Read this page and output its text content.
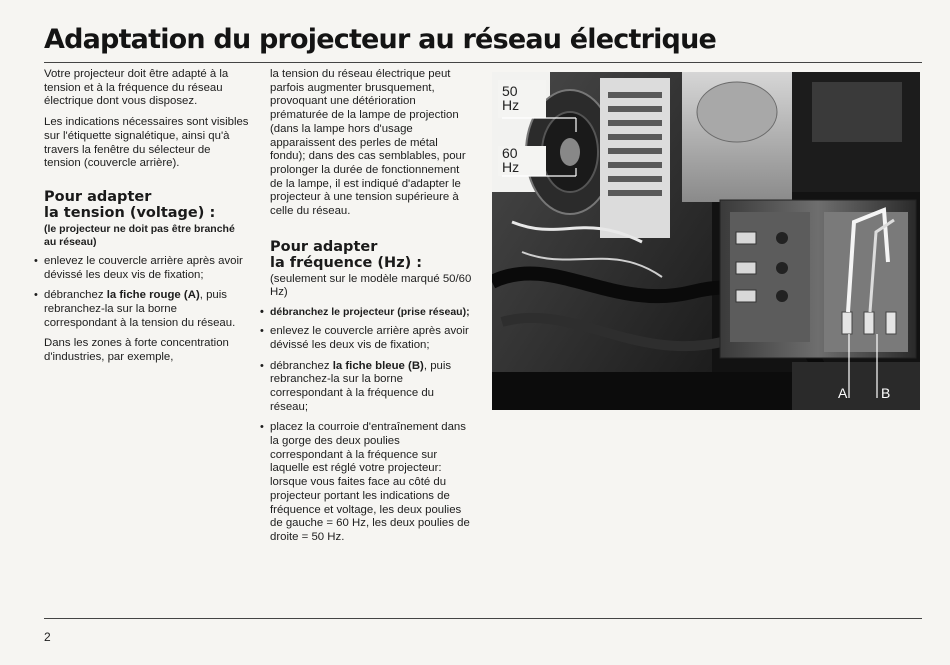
Adaptation du projecteur au réseau électrique

Votre projecteur doit être adapté à la tension et à la fréquence du réseau électrique dont vous disposez.

Les indications nécessaires sont visibles sur l'étiquette signalétique, ainsi qu'à travers la fenêtre du sélecteur de tension (couvercle arrière).

Pour adapter
la tension (voltage) :

(le projecteur ne doit pas être branché au réseau)

• enlevez le couvercle arrière après avoir dévissé les deux vis de fixation;

• débranchez la fiche rouge (A), puis rebranchez-la sur la borne correspondant à la tension du réseau.

Dans les zones à forte concentration d'industries, par exemple,

la tension du réseau électrique peut parfois augmenter brusquement, provoquant une détérioration prématurée de la lampe de projection (dans la lampe hors d'usage apparaissent des perles de métal fondu); dans des cas semblables, pour prolonger la durée de fonctionnement de la lampe, il est indiqué d'adapter le projecteur à une tension supérieure à celle du réseau.

Pour adapter
la fréquence (Hz) :

(seulement sur le modèle marqué 50/60 Hz)

• débranchez le projecteur (prise réseau);

• enlevez le couvercle arrière après avoir dévissé les deux vis de fixation;

• débranchez la fiche bleue (B), puis rebranchez-la sur la borne correspondant à la fréquence du réseau;

• placez la courroie d'entraînement dans la gorge des deux poulies correspondant à la fréquence sur laquelle est réglé votre projecteur: lorsque vous faites face au côté du projecteur portant les indications de fréquence et voltage, les deux poulies de gauche = 60 Hz, les deux poulies de droite = 50 Hz.

50
Hz
60
Hz
A B
2
